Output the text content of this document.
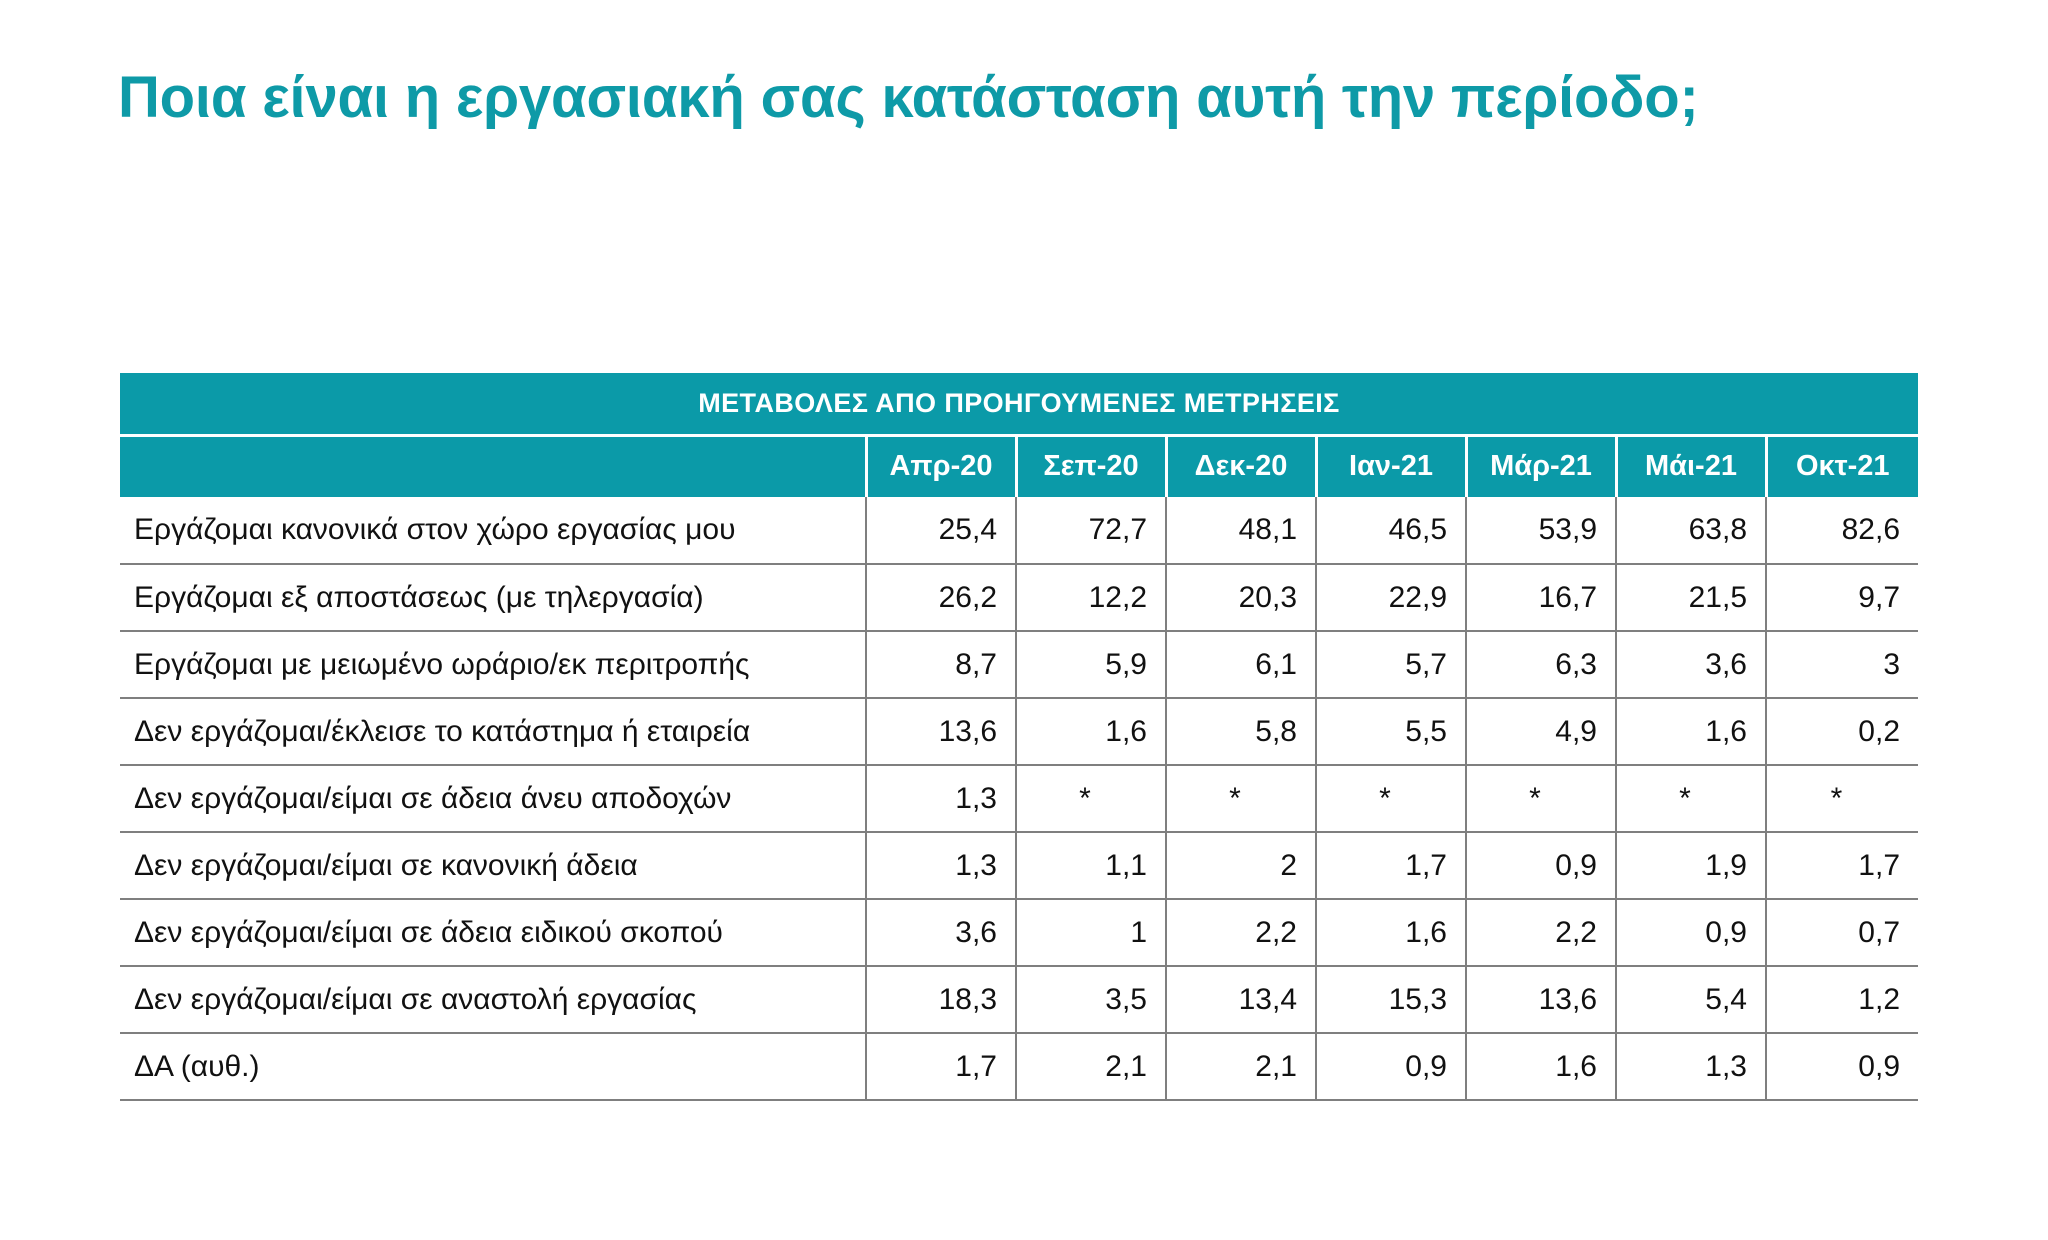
Ποια είναι η εργασιακή σας κατάσταση αυτή την περίοδο;
ΜΕΤΑΒΟΛΕΣ ΑΠΟ ΠΡΟΗΓΟΥΜΕΝΕΣ ΜΕΤΡΗΣΕΙΣ							
	Απρ-20	Σεπ-20	Δεκ-20	Ιαν-21	Μάρ-21	Μάι-21	Οκτ-21
Εργάζομαι κανονικά στον χώρο εργασίας μου	25,4	72,7	48,1	46,5	53,9	63,8	82,6
Εργάζομαι εξ αποστάσεως (με τηλεργασία)	26,2	12,2	20,3	22,9	16,7	21,5	9,7
Εργάζομαι με μειωμένο ωράριο/εκ περιτροπής	8,7	5,9	6,1	5,7	6,3	3,6	3
Δεν εργάζομαι/έκλεισε το κατάστημα ή εταιρεία	13,6	1,6	5,8	5,5	4,9	1,6	0,2
Δεν εργάζομαι/είμαι σε άδεια άνευ αποδοχών	1,3	*	*	*	*	*	*
Δεν εργάζομαι/είμαι σε κανονική άδεια	1,3	1,1	2	1,7	0,9	1,9	1,7
Δεν εργάζομαι/είμαι σε άδεια ειδικού σκοπού	3,6	1	2,2	1,6	2,2	0,9	0,7
Δεν εργάζομαι/είμαι σε αναστολή εργασίας	18,3	3,5	13,4	15,3	13,6	5,4	1,2
ΔΑ (αυθ.)	1,7	2,1	2,1	0,9	1,6	1,3	0,9
